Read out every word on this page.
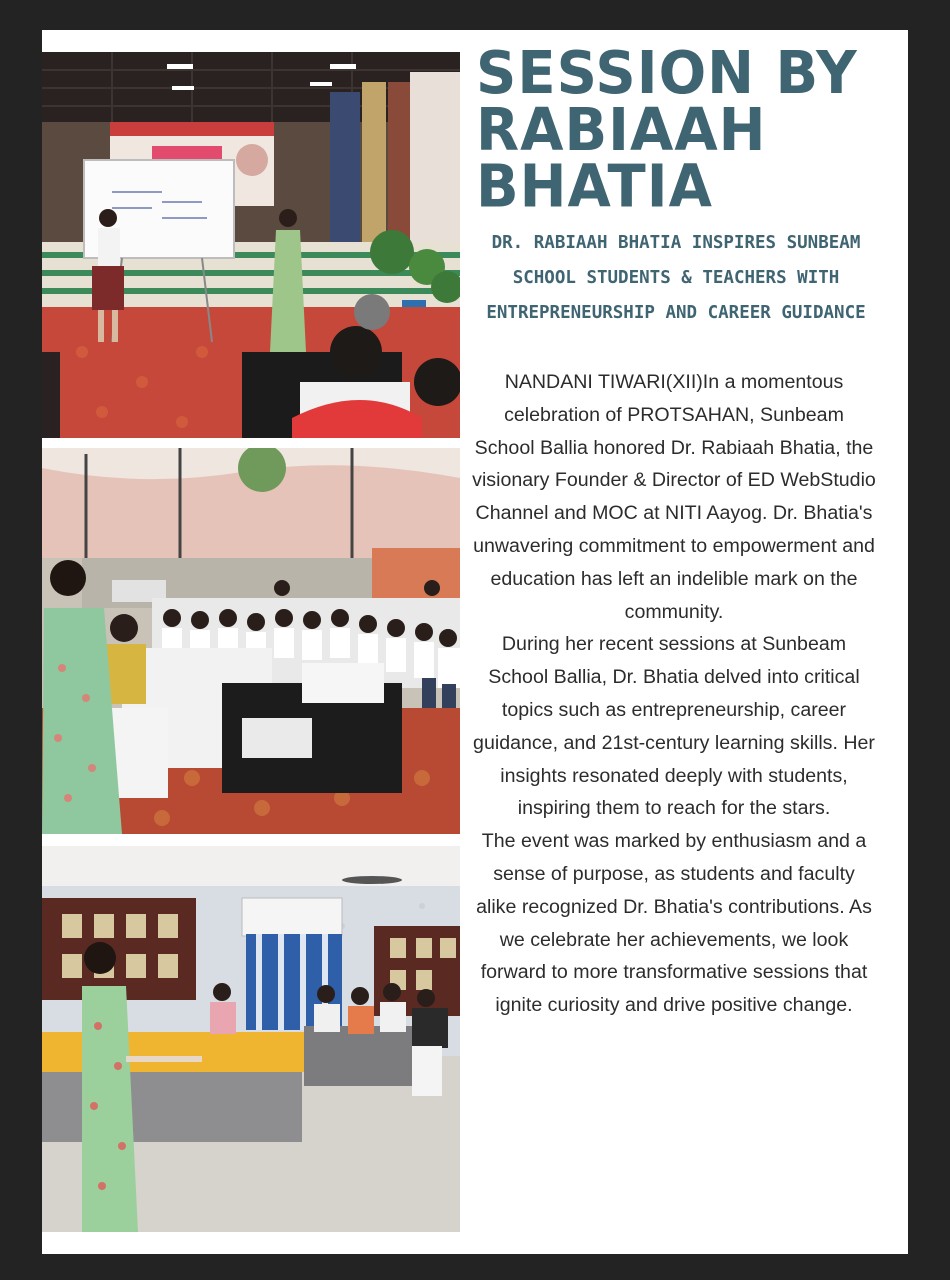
SESSION BY
RABIAAH
BHATIA
DR. RABIAAH BHATIA INSPIRES SUNBEAM SCHOOL STUDENTS & TEACHERS WITH ENTREPRENEURSHIP AND CAREER GUIDANCE

NANDANI TIWARI(XII)In a momentous celebration of PROTSAHAN, Sunbeam School Ballia honored Dr. Rabiaah Bhatia, the visionary Founder & Director of ED WebStudio Channel and MOC at NITI Aayog. Dr. Bhatia's unwavering commitment to empowerment and education has left an indelible mark on the community.

During her recent sessions at Sunbeam School Ballia, Dr. Bhatia delved into critical topics such as entrepreneurship, career guidance, and 21st-century learning skills. Her insights resonated deeply with students, inspiring them to reach for the stars.

The event was marked by enthusiasm and a sense of purpose, as students and faculty alike recognized Dr. Bhatia's contributions. As we celebrate her achievements, we look forward to more transformative sessions that ignite curiosity and drive positive change.
